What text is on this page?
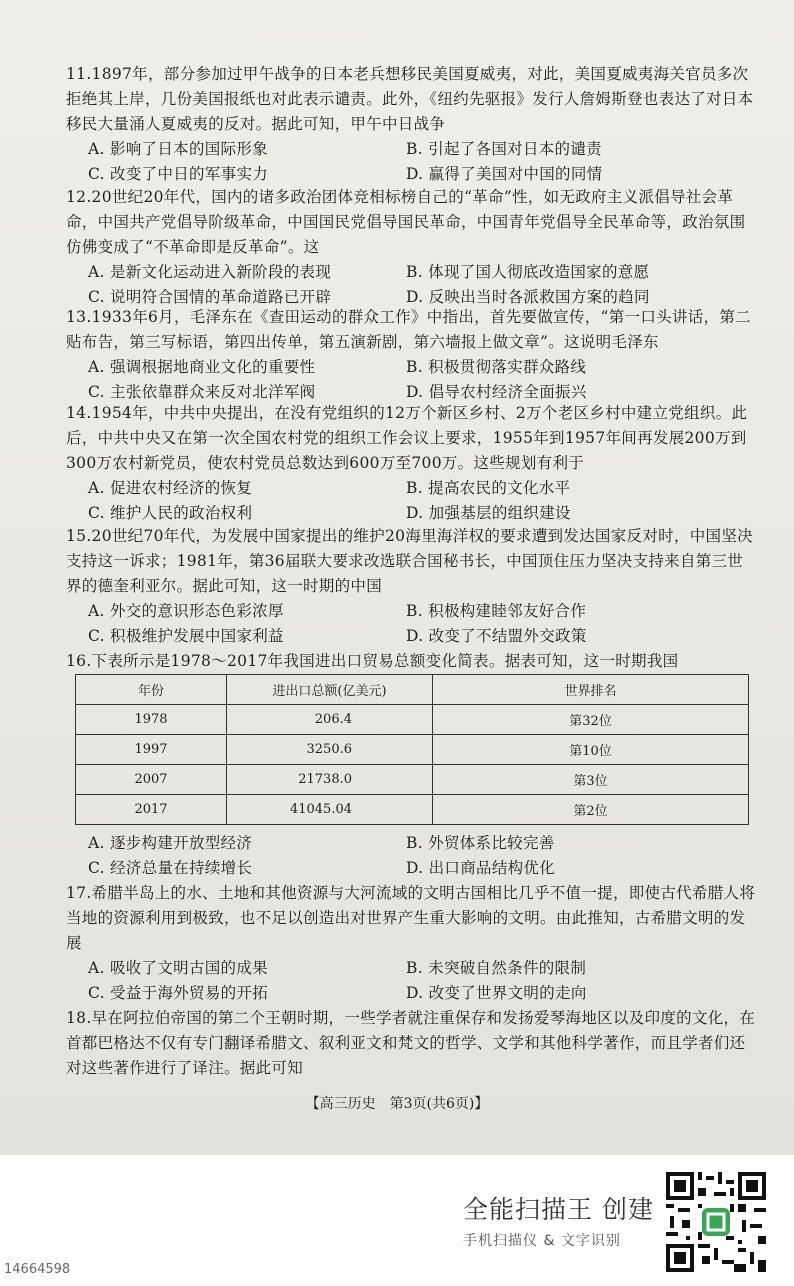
11.1897年，部分参加过甲午战争的日本老兵想移民美国夏威夷，对此，美国夏威夷海关官员多次拒绝其上岸，几份美国报纸也对此表示谴责。此外，《纽约先驱报》发行人詹姆斯登也表达了对日本移民大量涌人夏威夷的反对。据此可知，甲午中日战争
A. 影响了日本的国际形象	B. 引起了各国对日本的谴责
C. 改变了中日的军事实力	D. 赢得了美国对中国的同情
12.20世纪20年代，国内的诸多政治团体竞相标榜自己的“革命”性，如无政府主义派倡导社会革命，中国共产党倡导阶级革命，中国国民党倡导国民革命，中国青年党倡导全民革命等，政治氛围仿佛变成了“不革命即是反革命”。这
A. 是新文化运动进入新阶段的表现	B. 体现了国人彻底改造国家的意愿
C. 说明符合国情的革命道路已开辟	D. 反映出当时各派救国方案的趋同
13.1933年6月，毛泽东在《查田运动的群众工作》中指出，首先要做宣传，“第一口头讲话，第二贴布告，第三写标语，第四出传单，第五演新剧，第六墙报上做文章”。这说明毛泽东
A. 强调根据地商业文化的重要性	B. 积极贯彻落实群众路线
C. 主张依靠群众来反对北洋军阀	D. 倡导农村经济全面振兴
14.1954年，中共中央提出，在没有党组织的12万个新区乡村、2万个老区乡村中建立党组织。此后，中共中央又在第一次全国农村党的组织工作会议上要求，1955年到1957年间再发展200万到300万农村新党员，使农村党员总数达到600万至700万。这些规划有利于
A. 促进农村经济的恢复	B. 提高农民的文化水平
C. 维护人民的政治权利	D. 加强基层的组织建设
15.20世纪70年代，为发展中国家提出的维护20海里海洋权的要求遭到发达国家反对时，中国坚决支持这一诉求；1981年，第36届联大要求改选联合国秘书长，中国顶住压力坚决支持来自第三世界的德奎利亚尔。据此可知，这一时期的中国
A. 外交的意识形态色彩浓厚	B. 积极构建睦邻友好合作
C. 积极维护发展中国家利益	D. 改变了不结盟外交政策
16.下表所示是1978～2017年我国进出口贸易总额变化简表。据表可知，这一时期我国
年份	进出口总额(亿美元)	世界排名
1978	206.4	第32位
1997	3250.6	第10位
2007	21738.0	第3位
2017	41045.04	第2位
A. 逐步构建开放型经济	B. 外贸体系比较完善
C. 经济总量在持续增长	D. 出口商品结构优化
17.希腊半岛上的水、土地和其他资源与大河流域的文明古国相比几乎不值一提，即使古代希腊人将当地的资源利用到极致，也不足以创造出对世界产生重大影响的文明。由此推知，古希腊文明的发展
A. 吸收了文明古国的成果	B. 未突破自然条件的限制
C. 受益于海外贸易的开拓	D. 改变了世界文明的走向
18.早在阿拉伯帝国的第二个王朝时期，一些学者就注重保存和发扬爱琴海地区以及印度的文化，在首都巴格达不仅有专门翻译希腊文、叙利亚文和梵文的哲学、文学和其他科学著作，而且学者们还对这些著作进行了译注。据此可知
【高三历史　第3页(共6页)】
全能扫描王 创建
手机扫描仪 & 文字识别
14664598
